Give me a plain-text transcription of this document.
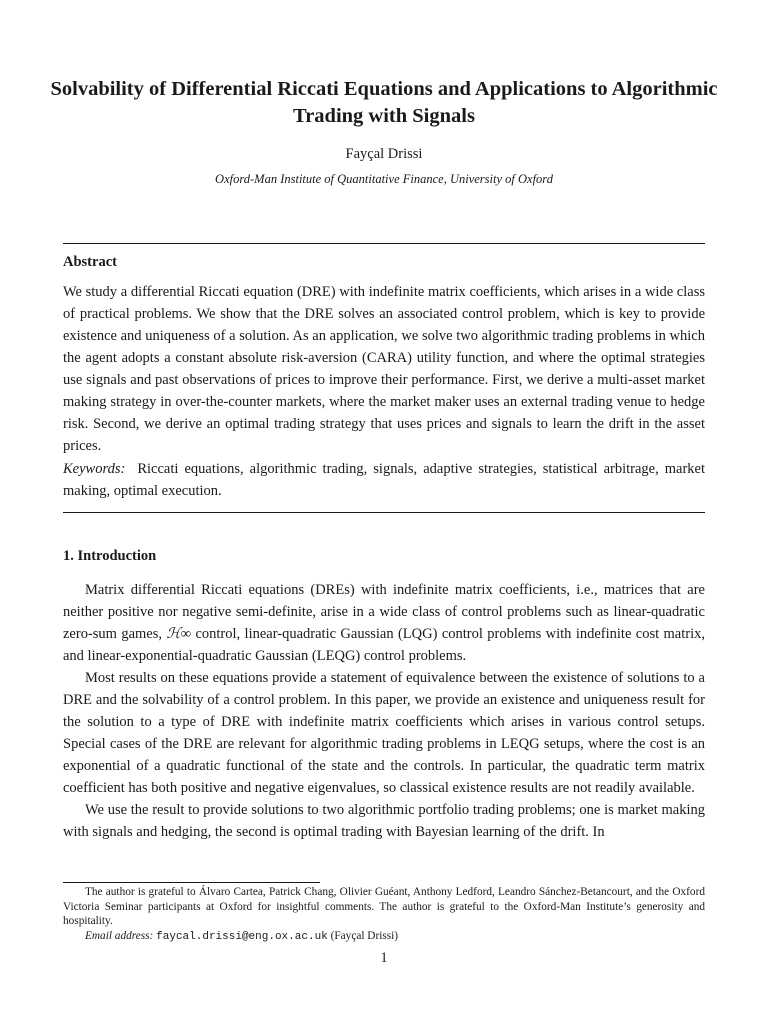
Solvability of Differential Riccati Equations and Applications to Algorithmic Trading with Signals
Fayçal Drissi
Oxford-Man Institute of Quantitative Finance, University of Oxford
Abstract
We study a differential Riccati equation (DRE) with indefinite matrix coefficients, which arises in a wide class of practical problems. We show that the DRE solves an associated control problem, which is key to provide existence and uniqueness of a solution. As an application, we solve two algorithmic trading problems in which the agent adopts a constant absolute risk-aversion (CARA) utility function, and where the optimal strategies use signals and past observations of prices to improve their performance. First, we derive a multi-asset market making strategy in over-the-counter markets, where the market maker uses an external trading venue to hedge risk. Second, we derive an optimal trading strategy that uses prices and signals to learn the drift in the asset prices.
Keywords: Riccati equations, algorithmic trading, signals, adaptive strategies, statistical arbitrage, market making, optimal execution.
1. Introduction
Matrix differential Riccati equations (DREs) with indefinite matrix coefficients, i.e., matrices that are neither positive nor negative semi-definite, arise in a wide class of control problems such as linear-quadratic zero-sum games, ℋ∞ control, linear-quadratic Gaussian (LQG) control problems with indefinite cost matrix, and linear-exponential-quadratic Gaussian (LEQG) control problems.
Most results on these equations provide a statement of equivalence between the existence of solutions to a DRE and the solvability of a control problem. In this paper, we provide an existence and uniqueness result for the solution to a type of DRE with indefinite matrix coefficients which arises in various control setups. Special cases of the DRE are relevant for algorithmic trading problems in LEQG setups, where the cost is an exponential of a quadratic functional of the state and the controls. In particular, the quadratic term matrix coefficient has both positive and negative eigenvalues, so classical existence results are not readily available.
We use the result to provide solutions to two algorithmic portfolio trading problems; one is market making with signals and hedging, the second is optimal trading with Bayesian learning of the drift. In
The author is grateful to Álvaro Cartea, Patrick Chang, Olivier Guéant, Anthony Ledford, Leandro Sánchez-Betancourt, and the Oxford Victoria Seminar participants at Oxford for insightful comments. The author is grateful to the Oxford-Man Institute’s generosity and hospitality.
Email address: faycal.drissi@eng.ox.ac.uk (Fayçal Drissi)
1
